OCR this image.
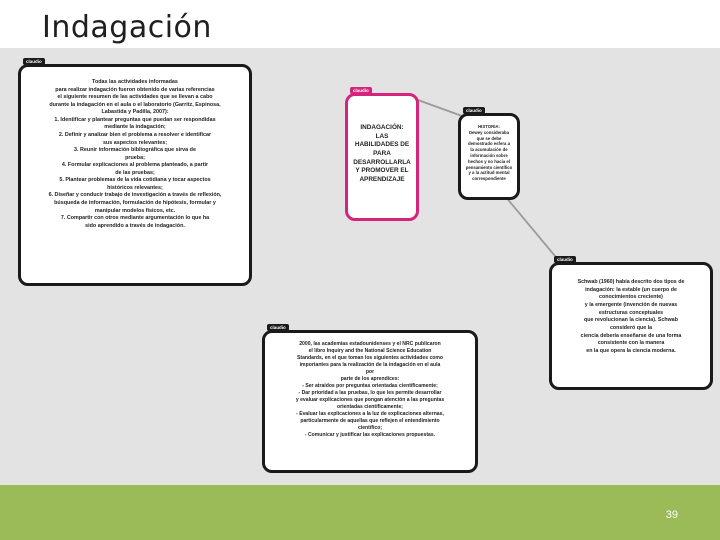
Indagación
claudio
Todas las actividades informadas
para realizar indagación fueron obtenido de varias referencias
el siguiente resumen de las actividades que se llevan a cabo
durante la indagación en el aula o el laboratorio (Garritz, Espinosa,
Labastida y Padilla, 2007):
1. Identificar y plantear preguntas que puedan ser respondidas
mediante la indagación;
2. Definir y analizar bien el problema a resolver e identificar
sus aspectos relevantes;
3. Reunir información bibliográfica que sirva de
prueba;
4. Formular explicaciones al problema planteado, a partir
de las pruebas;
5. Plantear problemas de la vida cotidiana y tocar aspectos
históricos relevantes;
6. Diseñar y conducir trabajo de investigación a través de reflexión,
búsqueda de información, formulación de hipótesis, formular y
manipular modelos físicos, etc.
7. Compartir con otros mediante argumentación lo que ha
sido aprendido a través de indagación.
claudio
INDAGACIÓN:
LAS
HABILIDADES DE
PARA
DESARROLLARLA
Y PROMOVER EL
APRENDIZAJE
claudio
HISTORIA:
Dewey consideraba
que se debe
demostrado esfera a
la acumulación de
información sobre
hechos y no hacia el
pensamiento científico
y a la actitud mental
correspondiente
claudio
Schwab (1960) había descrito dos tipos de
indagación: la estable (un cuerpo de
conocimientos creciente)
y la emergente (invención de nuevas
estructuras conceptuales
que revolucionan la ciencia). Schwab
consideró que la
ciencia debería enseñarse de una forma
consistente con la manera
en la que opera la ciencia moderna.
claudio
2000, las academias estadounidenses y el NRC publicaron
el libro Inquiry and the National Science Education
Standards, en el que toman los siguientes actividades como
importantes para la realización de la indagación en el aula
por
parte de los aprendices:
- Ser atraídos por preguntas orientadas científicamente;
- Dar prioridad a las pruebas, lo que les permite desarrollar
y evaluar explicaciones que pongan atención a las preguntas
orientadas científicamente;
- Evaluar las explicaciones a la luz de explicaciones alternas,
particularmente de aquellas que reflejen el entendimiento
científico;
- Comunicar y justificar las explicaciones propuestas.
39
